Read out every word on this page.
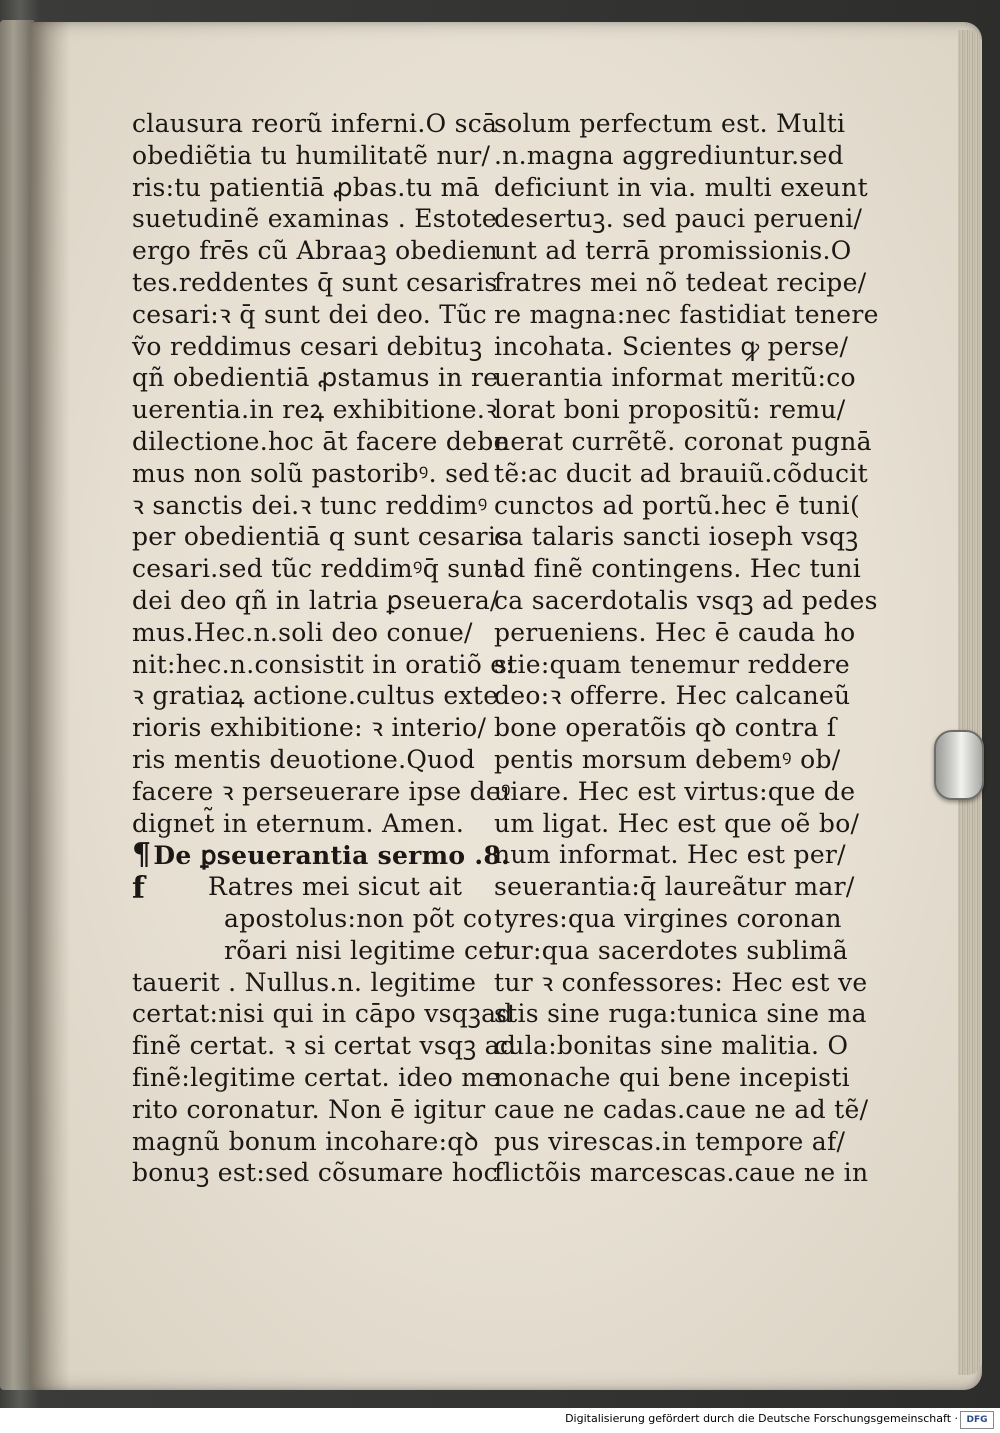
clausura reorũ inferni.O scā
obediẽtia tu humilitatẽ nur/
ris:tu patientiā ꝓbas.tu mā
suetudinẽ examinas . Estote
ergo frēs cũ Abraaꝫ obedien
tes.reddentes q̄ sunt cesaris
cesari:ꝛ q̄ sunt dei deo. Tũc
ṽo reddimus cesari debituꝫ
qñ obedientiā ꝓstamus in re
uerentia.in reꝝ exhibitione.ꝛ
dilectione.hoc āt facere debe
mus non solũ pastoribꝰ. sed
ꝛ sanctis dei.ꝛ tunc reddimꝰ
per obedientiā q sunt cesaris
cesari.sed tũc reddimꝰq̄ sunt
dei deo qñ in latria ꝑseuera/
mus.Hec.n.soli deo conue/
nit:hec.n.consistit in oratiõ e:
ꝛ gratiaꝝ actione.cultus exte
rioris exhibitione: ꝛ interio/
ris mentis deuotione.Quod
facere ꝛ perseuerare ipse deꝰ
dignet̃ in eternum. Amen.
¶De ꝑseuerantia sermo .8.
Ratres mei sicut ait
apostolus:non põt co
rõari nisi legitime cer
tauerit . Nullus.n. legitime
certat:nisi qui in cāpo vsqꝫad
finẽ certat. ꝛ si certat vsqꝫ ad
finẽ:legitime certat. ideo me
rito coronatur. Non ē igitur
magnũ bonum incohare:qꝺ
bonuꝫ est:sed cõsumare hoc
f
solum perfectum est. Multi
.n.magna aggrediuntur.sed
deficiunt in via. multi exeunt
desertuꝫ. sed pauci perueni/
unt ad terrā promissionis.O
fratres mei nõ tedeat recipe/
re magna:nec fastidiat tenere
incohata. Scientes ꝙ perse/
uerantia informat meritũ:co
lorat boni propositũ: remu/
nerat currẽtẽ. coronat pugnā
tẽ:ac ducit ad brauiũ.cõducit
cunctos ad portũ.hec ē tuni(
ca talaris sancti ioseph vsqꝫ
ad finẽ contingens. Hec tuni
ca sacerdotalis vsqꝫ ad pedes
perueniens. Hec ē cauda ho
stie:quam tenemur reddere
deo:ꝛ offerre. Hec calcaneũ
bone operatõis qꝺ contra ſ
pentis morsum debemꝰ ob/
uiare. Hec est virtus:que de
um ligat. Hec est que oẽ bo/
num informat. Hec est per/
seuerantia:q̄ laureãtur mar/
tyres:qua virgines coronan
tur:qua sacerdotes sublimã
tur ꝛ confessores: Hec est ve
stis sine ruga:tunica sine ma
cula:bonitas sine malitia. O
monache qui bene incepisti
caue ne cadas.caue ne ad tẽ/
pus virescas.in tempore af/
flictõis marcescas.caue ne in
Digitalisierung gefördert durch die Deutsche Forschungsgemeinschaft · DFG
